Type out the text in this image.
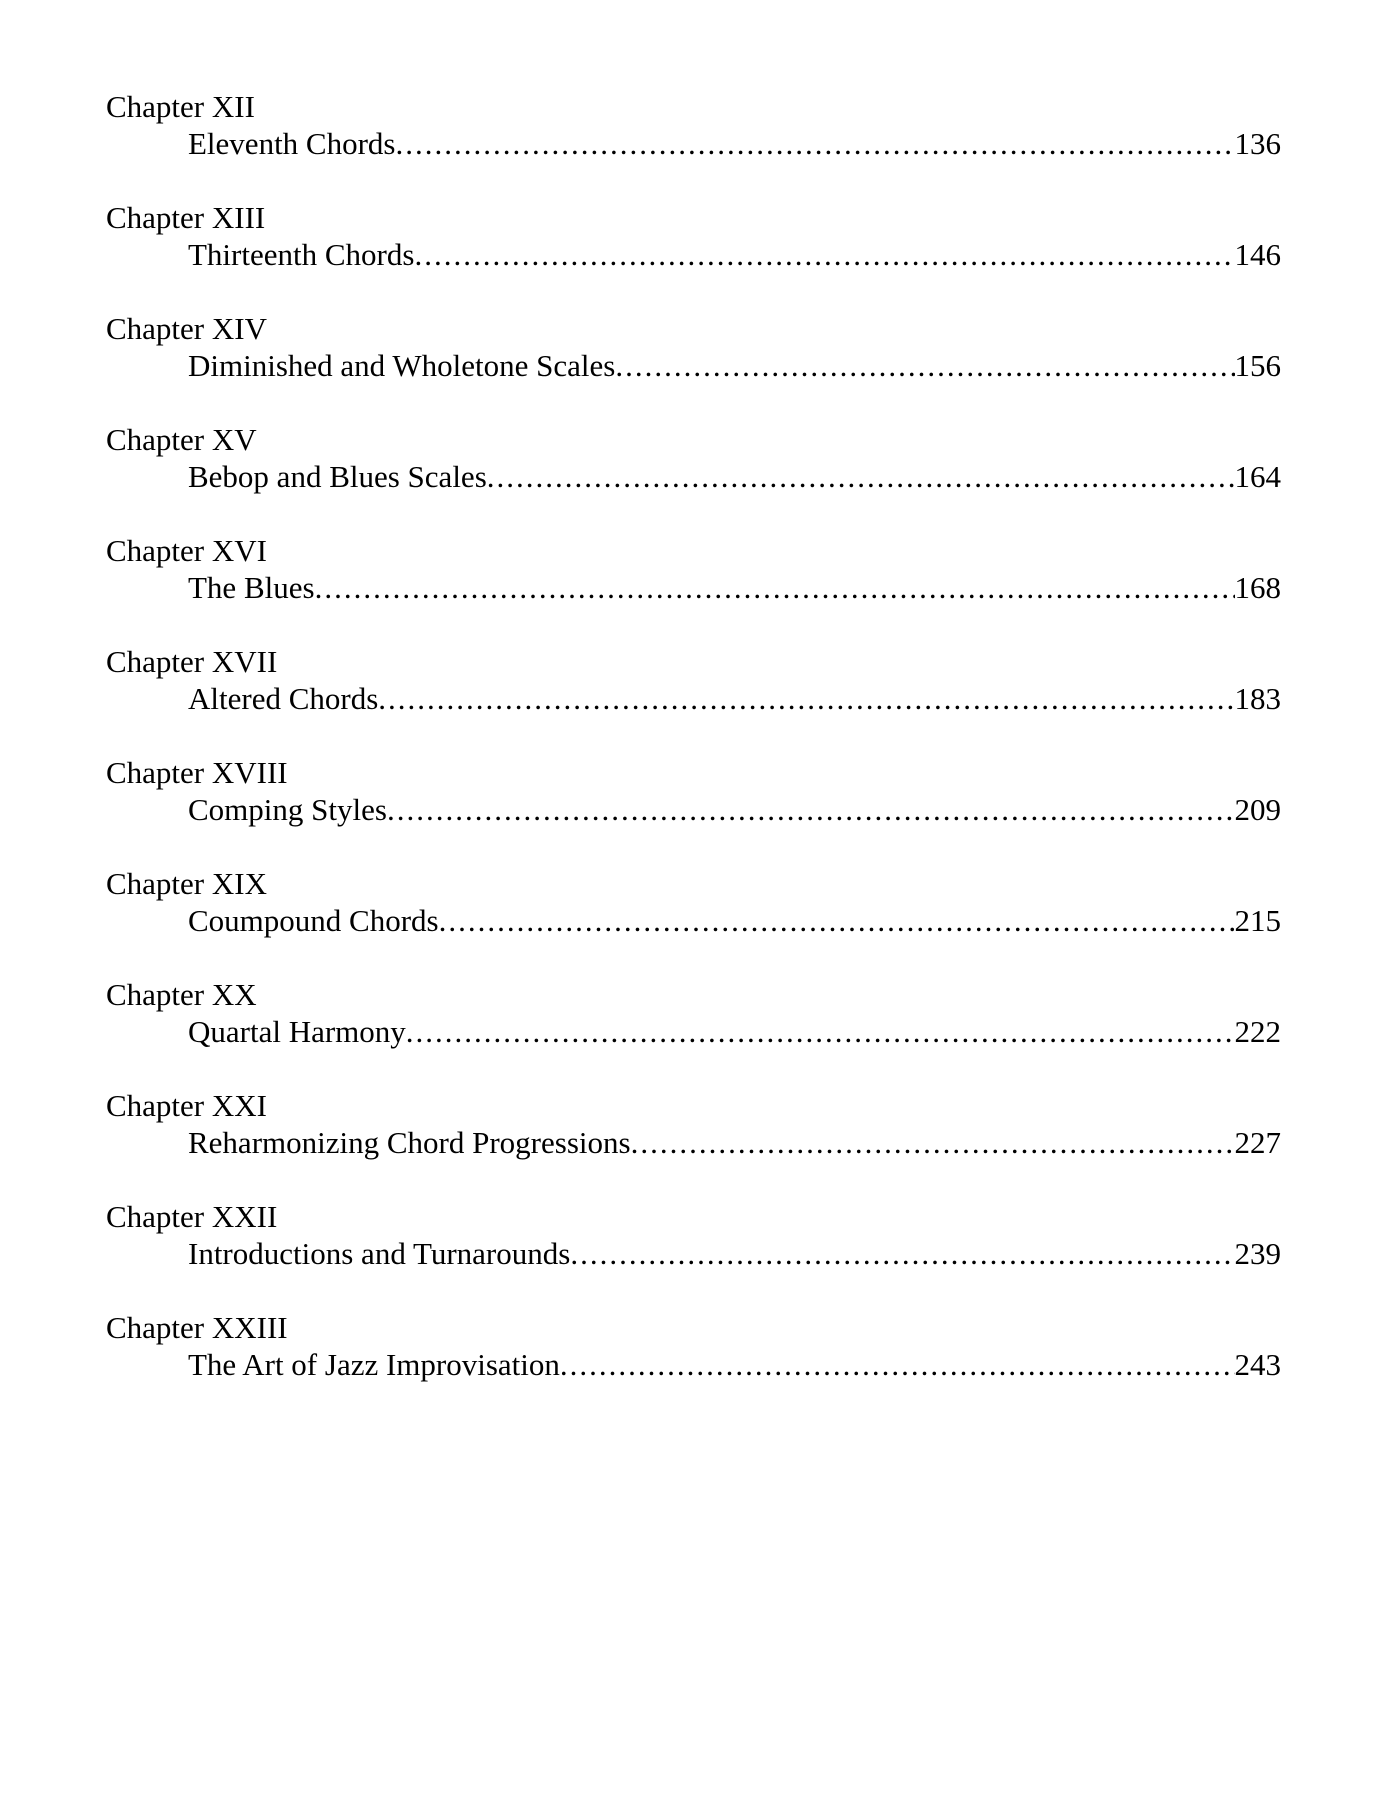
Chapter XII
Eleventh Chords .....	136
Chapter XIII
Thirteenth Chords .....	146
Chapter XIV
Diminished and Wholetone Scales .....	156
Chapter XV
Bebop and Blues Scales .....	164
Chapter XVI
The Blues .....	168
Chapter XVII
Altered Chords .....	183
Chapter XVIII
Comping Styles .....	209
Chapter XIX
Coumpound Chords .....	215
Chapter XX
Quartal Harmony .....	222
Chapter XXI
Reharmonizing Chord Progressions .....	227
Chapter XXII
Introductions and Turnarounds .....	239
Chapter XXIII
The Art of Jazz Improvisation .....	243
